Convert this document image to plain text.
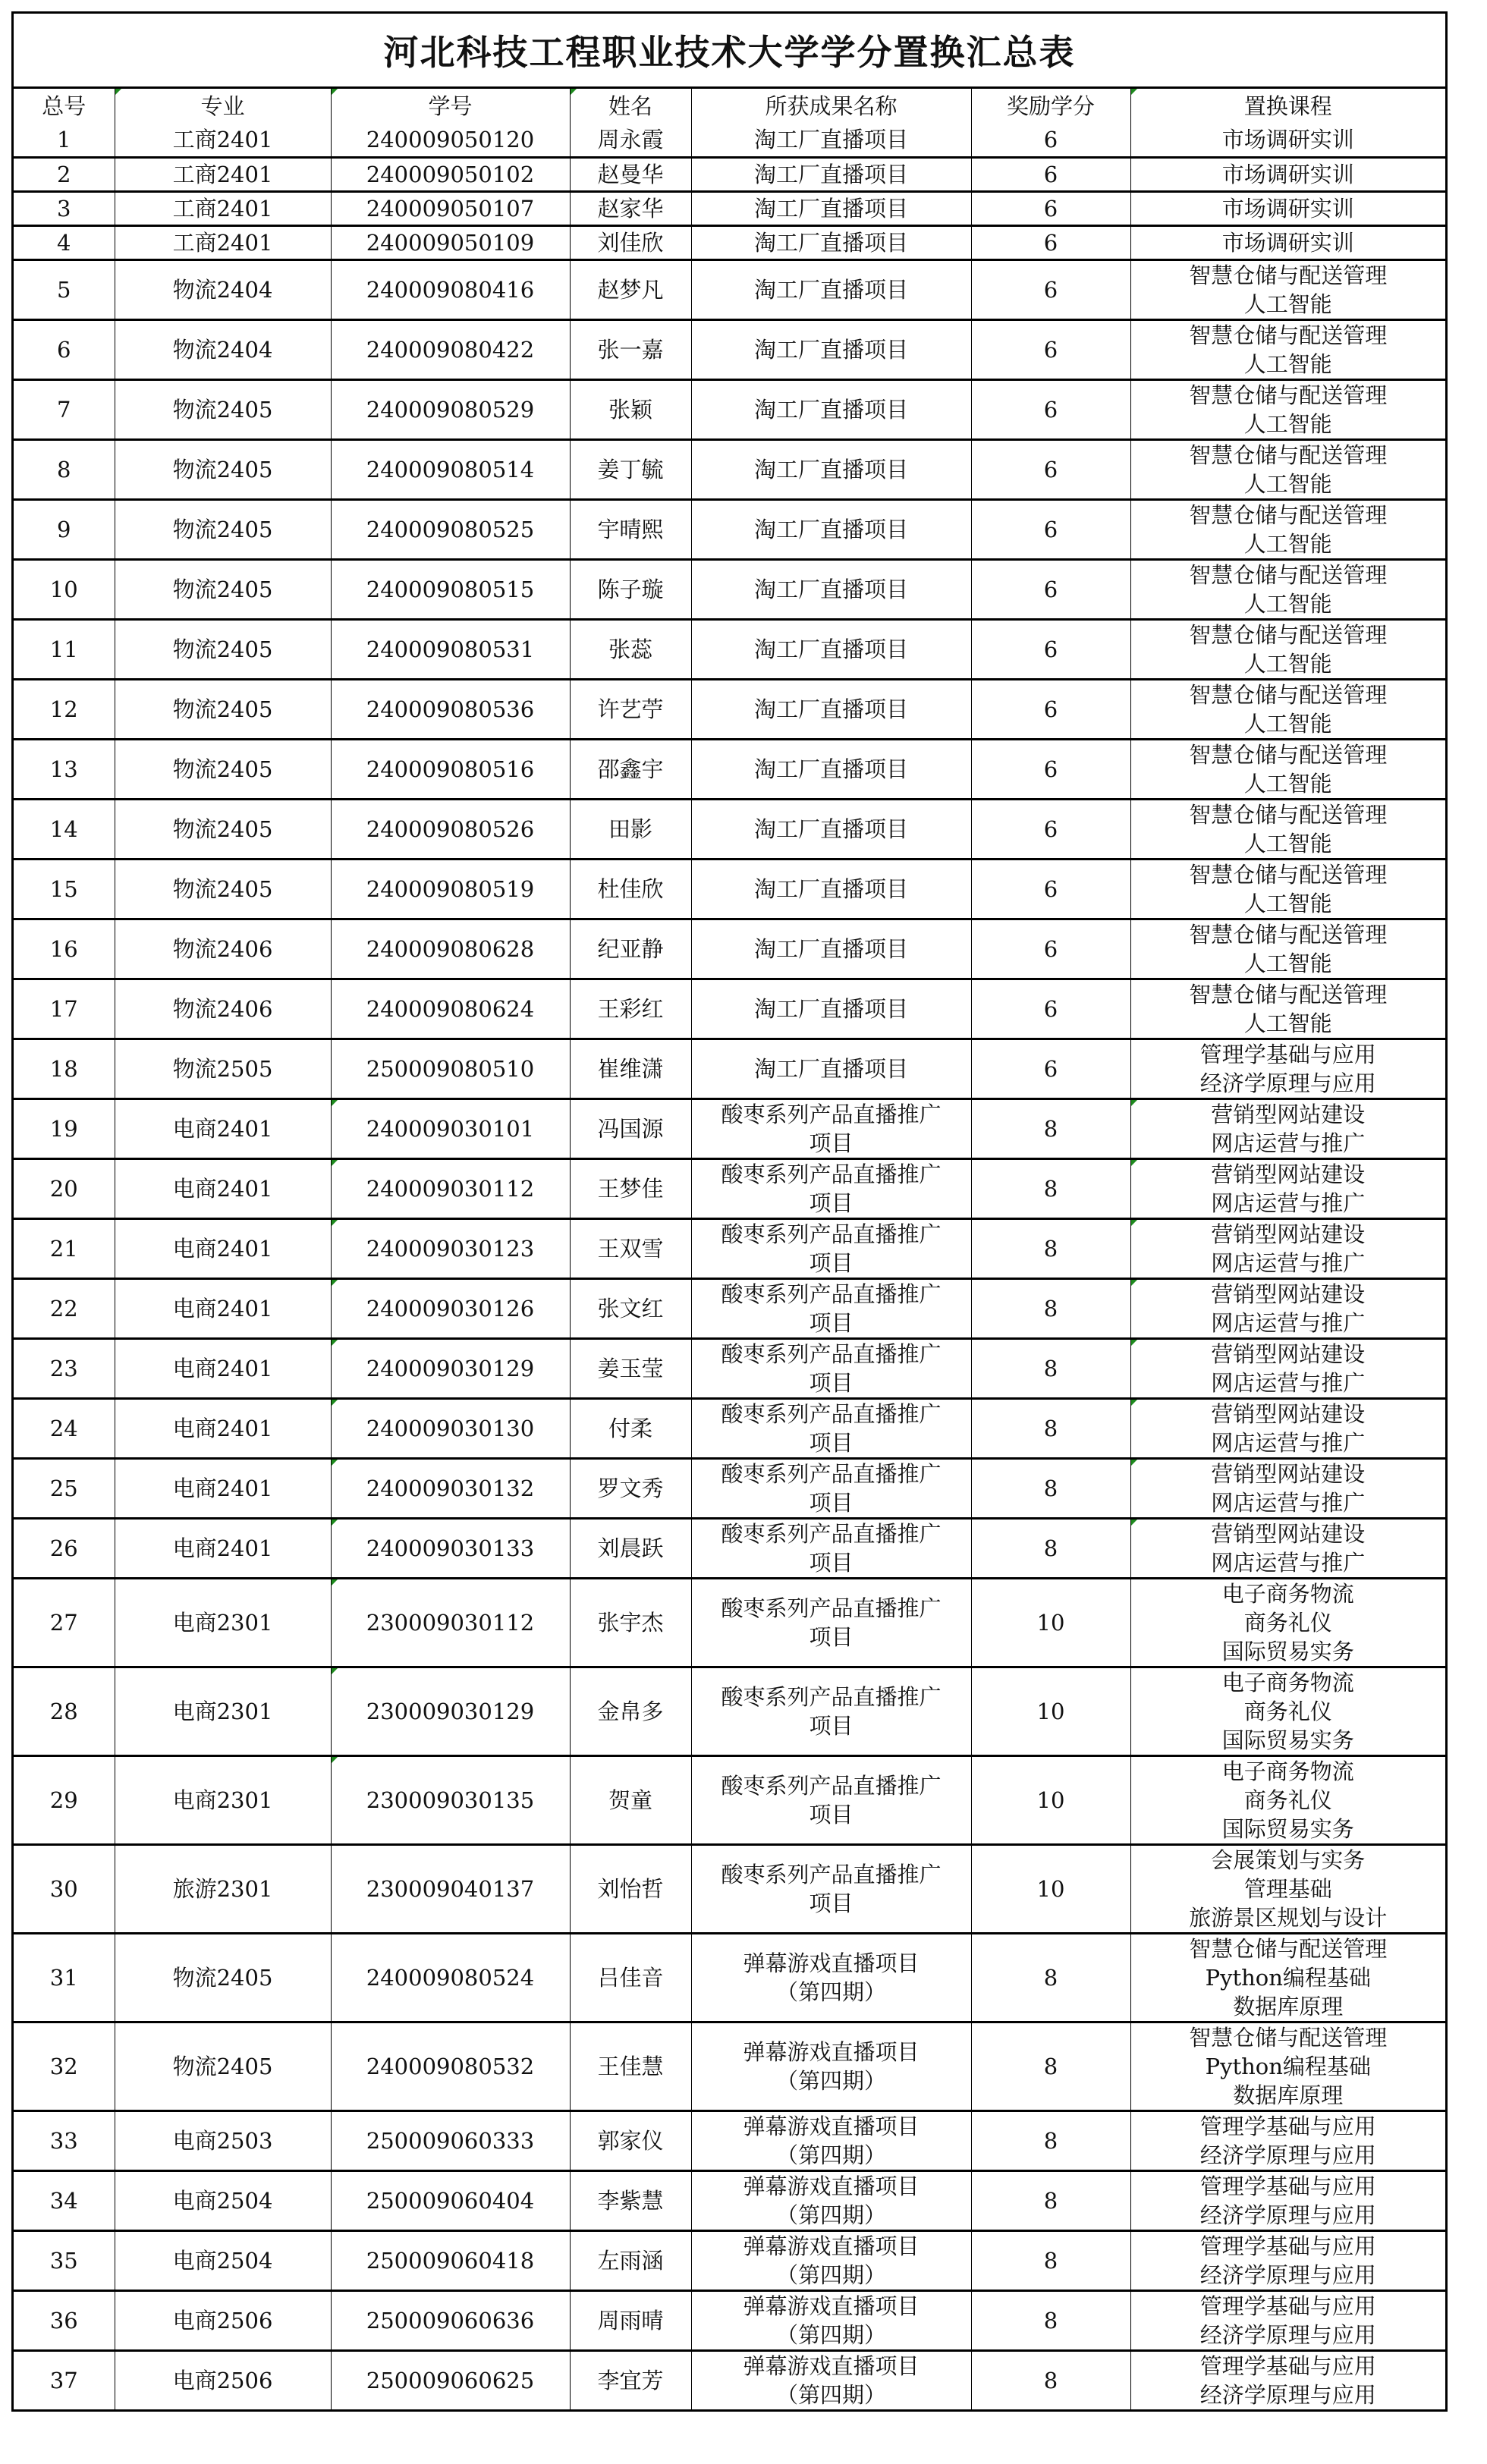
河北科技工程职业技术大学学分置换汇总表
总号	专业	学号	姓名	所获成果名称	奖励学分	置换课程
1	工商2401	240009050120	周永霞	淘工厂直播项目	6	市场调研实训

2	工商2401	240009050102	赵曼华	淘工厂直播项目	6	市场调研实训

3	工商2401	240009050107	赵家华	淘工厂直播项目	6	市场调研实训

4	工商2401	240009050109	刘佳欣	淘工厂直播项目	6	市场调研实训

5	物流2404	240009080416	赵梦凡	淘工厂直播项目	6	智慧仓储与配送管理
人工智能

6	物流2404	240009080422	张一嘉	淘工厂直播项目	6	智慧仓储与配送管理
人工智能

7	物流2405	240009080529	张颖	淘工厂直播项目	6	智慧仓储与配送管理
人工智能

8	物流2405	240009080514	姜丁毓	淘工厂直播项目	6	智慧仓储与配送管理
人工智能

9	物流2405	240009080525	宇晴熙	淘工厂直播项目	6	智慧仓储与配送管理
人工智能

10	物流2405	240009080515	陈子璇	淘工厂直播项目	6	智慧仓储与配送管理
人工智能

11	物流2405	240009080531	张蕊	淘工厂直播项目	6	智慧仓储与配送管理
人工智能

12	物流2405	240009080536	许艺苧	淘工厂直播项目	6	智慧仓储与配送管理
人工智能

13	物流2405	240009080516	邵鑫宇	淘工厂直播项目	6	智慧仓储与配送管理
人工智能

14	物流2405	240009080526	田影	淘工厂直播项目	6	智慧仓储与配送管理
人工智能

15	物流2405	240009080519	杜佳欣	淘工厂直播项目	6	智慧仓储与配送管理
人工智能

16	物流2406	240009080628	纪亚静	淘工厂直播项目	6	智慧仓储与配送管理
人工智能

17	物流2406	240009080624	王彩红	淘工厂直播项目	6	智慧仓储与配送管理
人工智能

18	物流2505	250009080510	崔维潇	淘工厂直播项目	6	管理学基础与应用
经济学原理与应用

19	电商2401	240009030101	冯国源	酸枣系列产品直播推广
项目	8	营销型网站建设
网店运营与推广

20	电商2401	240009030112	王梦佳	酸枣系列产品直播推广
项目	8	营销型网站建设
网店运营与推广

21	电商2401	240009030123	王双雪	酸枣系列产品直播推广
项目	8	营销型网站建设
网店运营与推广

22	电商2401	240009030126	张文红	酸枣系列产品直播推广
项目	8	营销型网站建设
网店运营与推广

23	电商2401	240009030129	姜玉莹	酸枣系列产品直播推广
项目	8	营销型网站建设
网店运营与推广

24	电商2401	240009030130	付柔	酸枣系列产品直播推广
项目	8	营销型网站建设
网店运营与推广

25	电商2401	240009030132	罗文秀	酸枣系列产品直播推广
项目	8	营销型网站建设
网店运营与推广

26	电商2401	240009030133	刘晨跃	酸枣系列产品直播推广
项目	8	营销型网站建设
网店运营与推广

27	电商2301	230009030112	张宇杰	酸枣系列产品直播推广
项目	10	电子商务物流
商务礼仪
国际贸易实务

28	电商2301	230009030129	金帛多	酸枣系列产品直播推广
项目	10	电子商务物流
商务礼仪
国际贸易实务

29	电商2301	230009030135	贺童	酸枣系列产品直播推广
项目	10	电子商务物流
商务礼仪
国际贸易实务

30	旅游2301	230009040137	刘怡哲	酸枣系列产品直播推广
项目	10	会展策划与实务
管理基础
旅游景区规划与设计

31	物流2405	240009080524	吕佳音	弹幕游戏直播项目
（第四期）	8	智慧仓储与配送管理
Python编程基础
数据库原理

32	物流2405	240009080532	王佳慧	弹幕游戏直播项目
（第四期）	8	智慧仓储与配送管理
Python编程基础
数据库原理

33	电商2503	250009060333	郭家仪	弹幕游戏直播项目
（第四期）	8	管理学基础与应用
经济学原理与应用

34	电商2504	250009060404	李紫慧	弹幕游戏直播项目
（第四期）	8	管理学基础与应用
经济学原理与应用

35	电商2504	250009060418	左雨涵	弹幕游戏直播项目
（第四期）	8	管理学基础与应用
经济学原理与应用

36	电商2506	250009060636	周雨晴	弹幕游戏直播项目
（第四期）	8	管理学基础与应用
经济学原理与应用

37	电商2506	250009060625	李宜芳	弹幕游戏直播项目
（第四期）	8	管理学基础与应用
经济学原理与应用
